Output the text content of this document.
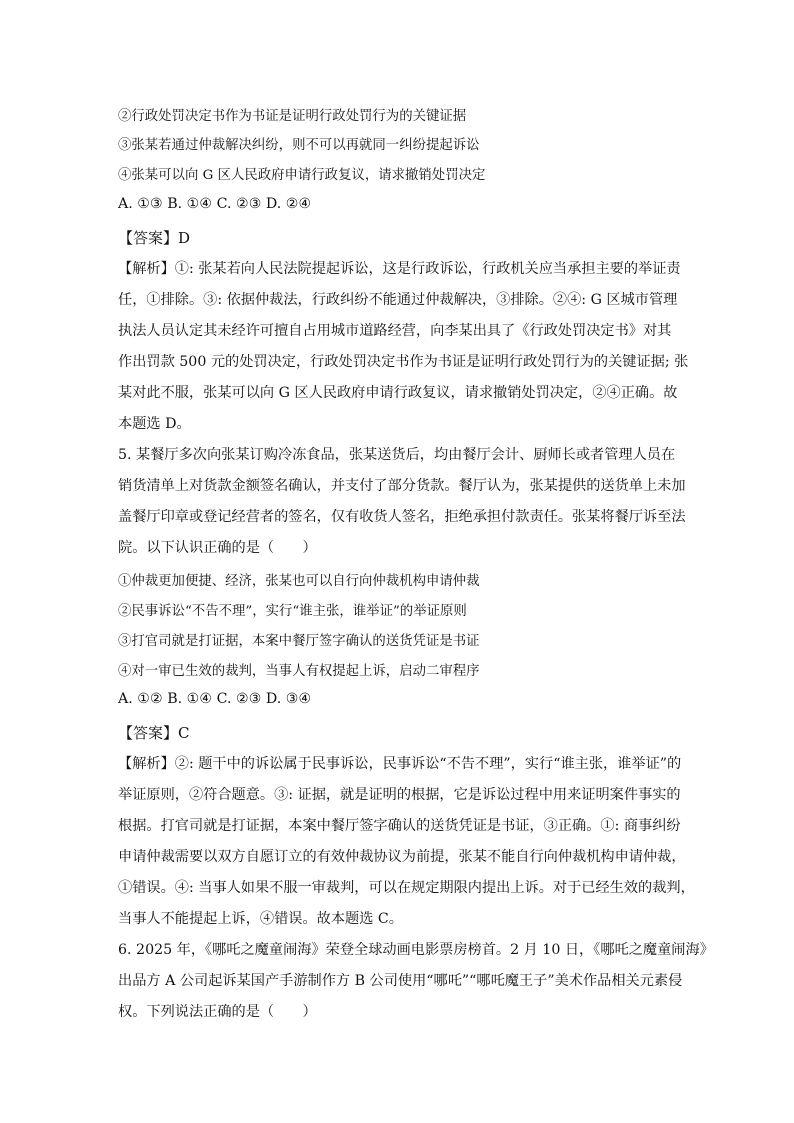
②行政处罚决定书作为书证是证明行政处罚行为的关键证据
③张某若通过仲裁解决纠纷，则不可以再就同一纠纷提起诉讼
④张某可以向 G 区人民政府申请行政复议，请求撤销处罚决定
A. ①③ B. ①④ C. ②③ D. ②④
【答案】D
【解析】①: 张某若向人民法院提起诉讼，这是行政诉讼，行政机关应当承担主要的举证责
任，①排除。③: 依据仲裁法，行政纠纷不能通过仲裁解决，③排除。②④: G 区城市管理
执法人员认定其未经许可擅自占用城市道路经营，向李某出具了《行政处罚决定书》对其
作出罚款 500 元的处罚决定，行政处罚决定书作为书证是证明行政处罚行为的关键证据; 张
某对此不服，张某可以向 G 区人民政府申请行政复议，请求撤销处罚决定，②④正确。故
本题选 D。
5. 某餐厅多次向张某订购冷冻食品，张某送货后，均由餐厅会计、厨师长或者管理人员在
销货清单上对货款金额签名确认，并支付了部分货款。餐厅认为，张某提供的送货单上未加
盖餐厅印章或登记经营者的签名，仅有收货人签名，拒绝承担付款责任。张某将餐厅诉至法
院。以下认识正确的是（　　）
①仲裁更加便捷、经济，张某也可以自行向仲裁机构申请仲裁
②民事诉讼“不告不理”，实行“谁主张，谁举证”的举证原则
③打官司就是打证据，本案中餐厅签字确认的送货凭证是书证
④对一审已生效的裁判，当事人有权提起上诉，启动二审程序
A. ①② B. ①④ C. ②③ D. ③④
【答案】C
【解析】②: 题干中的诉讼属于民事诉讼，民事诉讼“不告不理”，实行“谁主张，谁举证”的
举证原则，②符合题意。③: 证据，就是证明的根据，它是诉讼过程中用来证明案件事实的
根据。打官司就是打证据，本案中餐厅签字确认的送货凭证是书证，③正确。①: 商事纠纷
申请仲裁需要以双方自愿订立的有效仲裁协议为前提，张某不能自行向仲裁机构申请仲裁，
①错误。④: 当事人如果不服一审裁判，可以在规定期限内提出上诉。对于已经生效的裁判，
当事人不能提起上诉，④错误。故本题选 C。
6. 2025 年，《哪吒之魔童闹海》荣登全球动画电影票房榜首。2 月 10 日，《哪吒之魔童闹海》
出品方 A 公司起诉某国产手游制作方 B 公司使用“哪吒”“哪吒魔王子”美术作品相关元素侵
权。下列说法正确的是（　　）
